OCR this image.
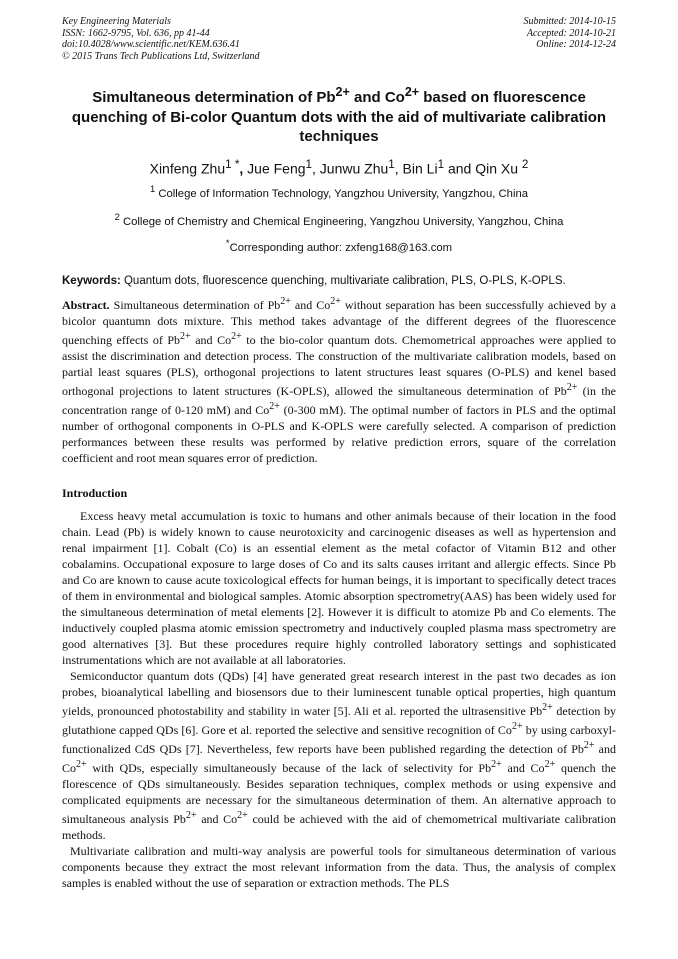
Key Engineering Materials
ISSN: 1662-9795, Vol. 636, pp 41-44
doi:10.4028/www.scientific.net/KEM.636.41
© 2015 Trans Tech Publications Ltd, Switzerland
Submitted: 2014-10-15
Accepted: 2014-10-21
Online: 2014-12-24
Simultaneous determination of $Pb^{2+}$ and $Co^{2+}$ based on fluorescence quenching of Bi-color Quantum dots with the aid of multivariate calibration techniques
Xinfeng Zhu$^{1 *}$, Jue Feng$^1$, Junwu Zhu$^1$, Bin Li$^1$ and Qin Xu $^2$
$^1$ College of Information Technology, Yangzhou University, Yangzhou, China
$^2$ College of Chemistry and Chemical Engineering, Yangzhou University, Yangzhou, China
*Corresponding author: zxfeng168@163.com
Keywords: Quantum dots, fluorescence quenching, multivariate calibration, PLS, O-PLS, K-OPLS.
Abstract. Simultaneous determination of $Pb^{2+}$ and $Co^{2+}$ without separation has been successfully achieved by a bicolor quantumn dots mixture. This method takes advantage of the different degrees of the fluorescence quenching effects of $Pb^{2+}$ and $Co^{2+}$ to the bio-color quantum dots. Chemometrical approaches were applied to assist the discrimination and detection process. The construction of the multivariate calibration models, based on partial least squares (PLS), orthogonal projections to latent structures least squares (O-PLS) and kenel based orthogonal projections to latent structures (K-OPLS), allowed the simultaneous determination of $Pb^{2+}$ (in the concentration range of 0-120 mM) and $Co^{2+}$ (0-300 mM). The optimal number of factors in PLS and the optimal number of orthogonal components in O-PLS and K-OPLS were carefully selected. A comparison of prediction performances between these results was performed by relative prediction errors, square of the correlation coefficient and root mean squares error of prediction.
Introduction

Excess heavy metal accumulation is toxic to humans and other animals because of their location in the food chain. Lead (Pb) is widely known to cause neurotoxicity and carcinogenic diseases as well as hypertension and renal impairment [1]. Cobalt (Co) is an essential element as the metal cofactor of Vitamin B12 and other cobalamins. Occupational exposure to large doses of Co and its salts causes irritant and allergic effects. Since Pb and Co are known to cause acute toxicological effects for human beings, it is important to specifically detect traces of them in environmental and biological samples. Atomic absorption spectrometry(AAS) has been widely used for the simultaneous determination of metal elements [2]. However it is difficult to atomize Pb and Co elements. The inductively coupled plasma atomic emission spectrometry and inductively coupled plasma mass spectrometry are good alternatives [3]. But these procedures require highly controlled laboratory settings and sophisticated instrumentations which are not available at all laboratories.

Semiconductor quantum dots (QDs) [4] have generated great research interest in the past two decades as ion probes, bioanalytical labelling and biosensors due to their luminescent tunable optical properties, high quantum yields, pronounced photostability and stability in water [5]. Ali et al. reported the ultrasensitive $Pb^{2+}$ detection by glutathione capped QDs [6]. Gore et al. reported the selective and sensitive recognition of $Co^{2+}$ by using carboxyl-functionalized CdS QDs [7]. Nevertheless, few reports have been published regarding the detection of $Pb^{2+}$ and $Co^{2+}$ with QDs, especially simultaneously because of the lack of selectivity for $Pb^{2+}$ and $Co^{2+}$ quench the florescence of QDs simultaneously. Besides separation techniques, complex methods or using expensive and complicated equipments are necessary for the simultaneous determination of them. An alternative approach to simultaneous analysis $Pb^{2+}$ and $Co^{2+}$ could be achieved with the aid of chemometrical multivariate calibration methods.

Multivariate calibration and multi-way analysis are powerful tools for simultaneous determination of various components because they extract the most relevant information from the data. Thus, the analysis of complex samples is enabled without the use of separation or extraction methods. The PLS
